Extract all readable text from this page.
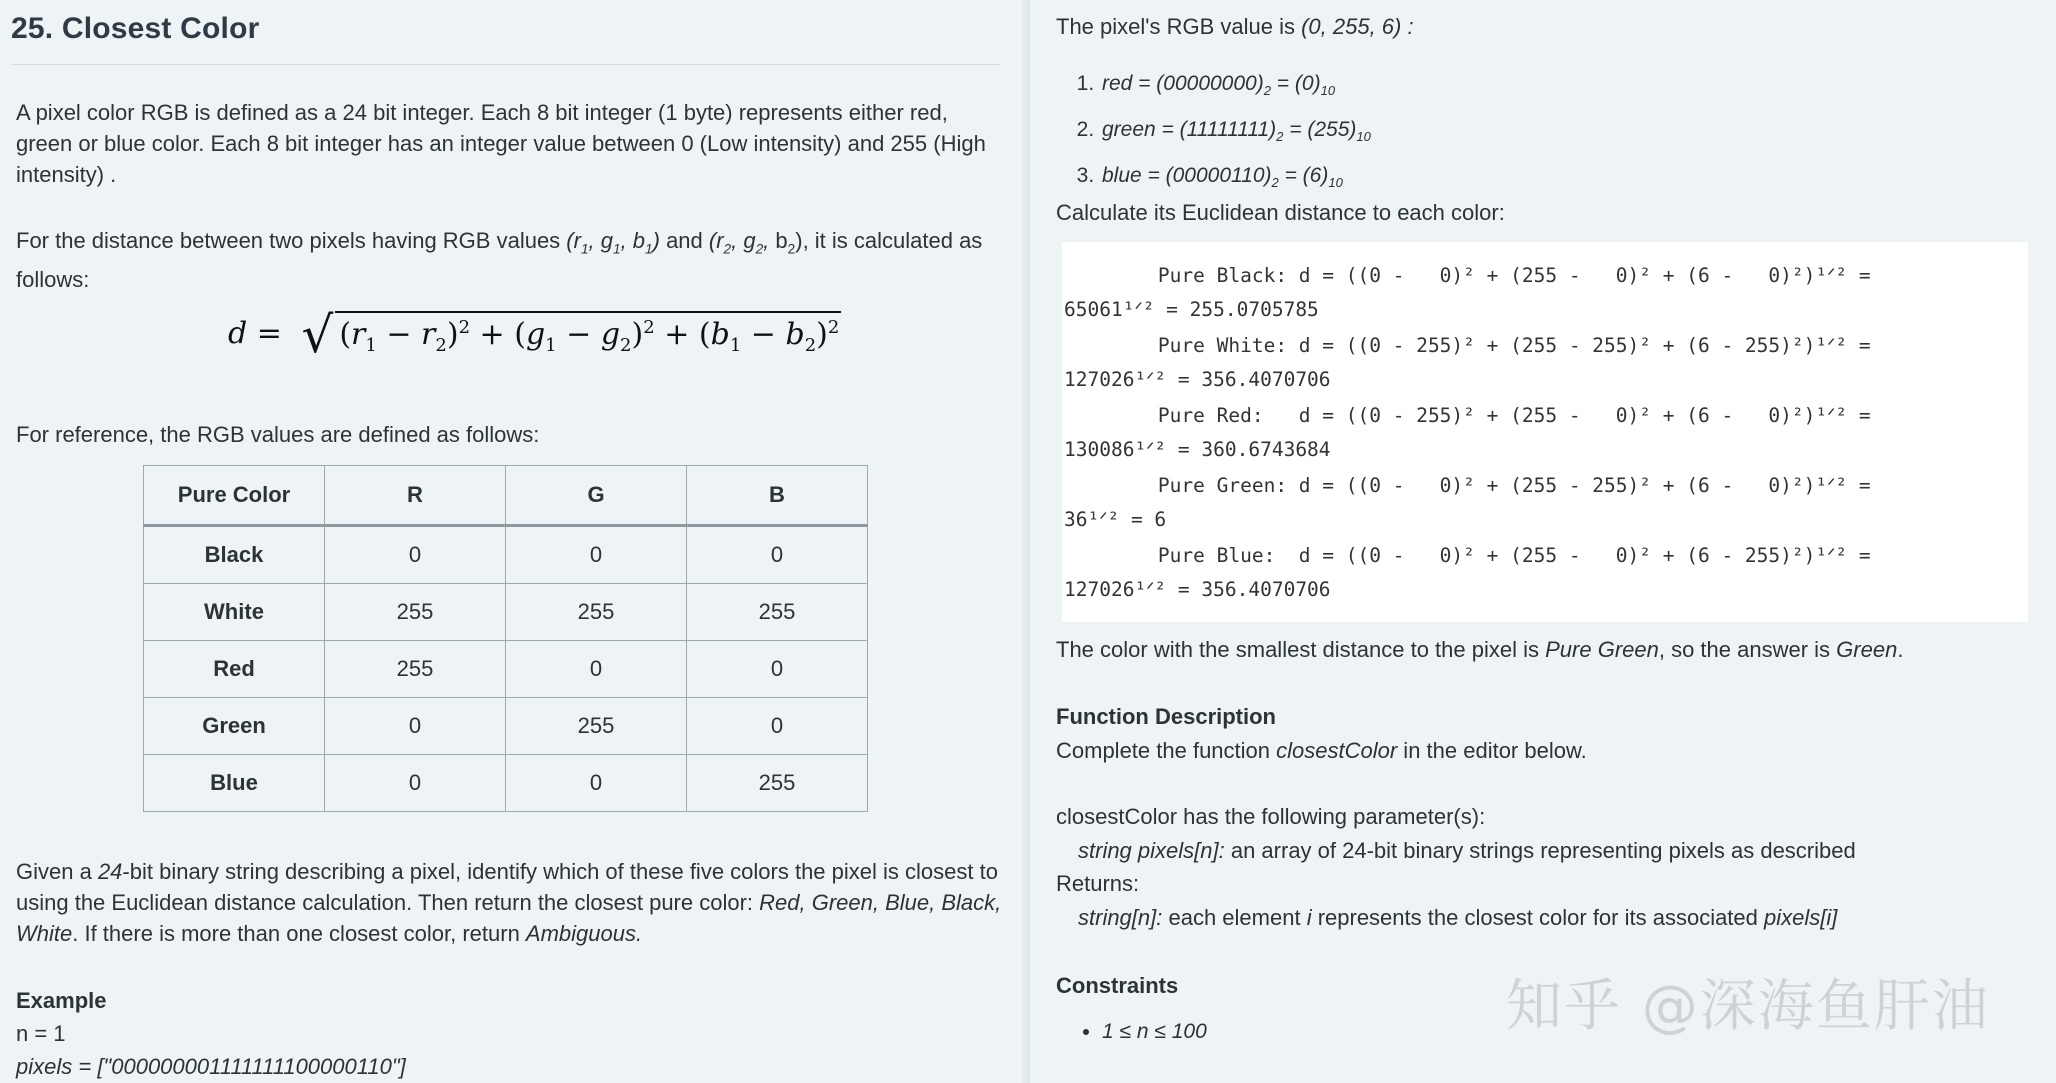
25. Closest Color

A pixel color RGB is defined as a 24 bit integer. Each 8 bit integer (1 byte) represents either red, green or blue color. Each 8 bit integer has an integer value between 0 (Low intensity) and 255 (High intensity) .

For the distance between two pixels having RGB values ($r_1$, $g_1$, $b_1$) and ($r_2$, $g_2$, $b_2$), it is calculated as follows:

d = √ $(r_1 - r_2)^2 + (g_1 - g_2)^2 + (b_1 - b_2)^2$

For reference, the RGB values are defined as follows:

Pure Color	R	G	B
Black	0	0	0
White	255	255	255
Red	255	0	0
Green	0	255	0
Blue	0	0	255

Given a 24-bit binary string describing a pixel, identify which of these five colors the pixel is closest to using the Euclidean distance calculation. Then return the closest pure color: Red, Green, Blue, Black, White. If there is more than one closest color, return Ambiguous.

Example
n = 1
pixels = ["000000001111111100000110"]

The pixel's RGB value is (0, 255, 6) :

1. red = $(00000000)_2 = (0)_{10}$
2. green = $(11111111)_2 = (255)_{10}$
3. blue = $(00000110)_2 = (6)_{10}$

Calculate its Euclidean distance to each color:

Pure Black: d = ((0 -   0)² + (255 -   0)² + (6 -   0)²)¹ᐟ² =
65061¹ᐟ² = 255.0705785
Pure White: d = ((0 - 255)² + (255 - 255)² + (6 - 255)²)¹ᐟ² =
127026¹ᐟ² = 356.4070706
Pure Red:   d = ((0 - 255)² + (255 -   0)² + (6 -   0)²)¹ᐟ² =
130086¹ᐟ² = 360.6743684
Pure Green: d = ((0 -   0)² + (255 - 255)² + (6 -   0)²)¹ᐟ² =
36¹ᐟ² = 6
Pure Blue:  d = ((0 -   0)² + (255 -   0)² + (6 - 255)²)¹ᐟ² =
127026¹ᐟ² = 356.4070706

The color with the smallest distance to the pixel is Pure Green, so the answer is Green.

Function Description

Complete the function closestColor in the editor below.

closestColor has the following parameter(s):
string pixels[n]: an array of 24-bit binary strings representing pixels as described
Returns:
string[n]: each element i represents the closest color for its associated pixels[i]
Constraints
• 1 ≤ n ≤ 100	知乎 @深海鱼肝油
